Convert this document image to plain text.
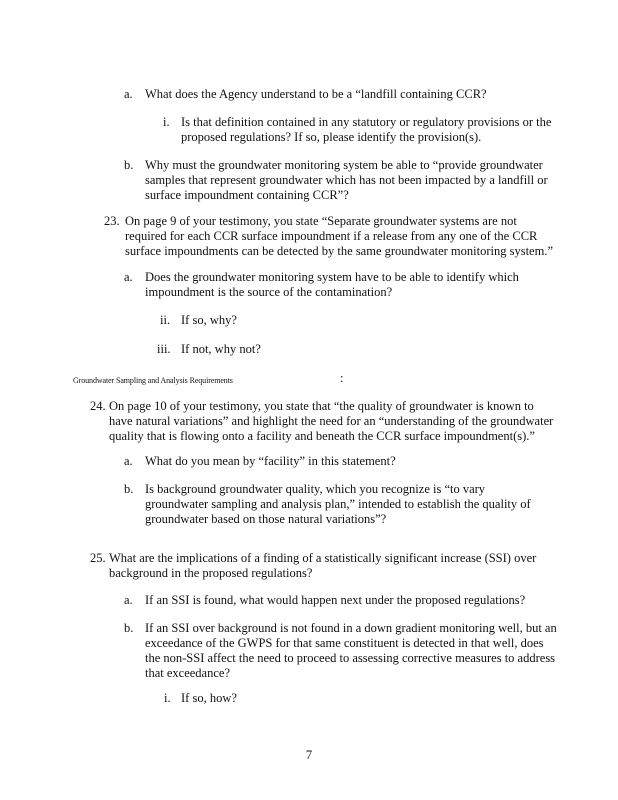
a. What does the Agency understand to be a “landfill containing CCR?
i. Is that definition contained in any statutory or regulatory provisions or the
proposed regulations? If so, please identify the provision(s).
b. Why must the groundwater monitoring system be able to “provide groundwater
samples that represent groundwater which has not been impacted by a landfill or
surface impoundment containing CCR”?
23. On page 9 of your testimony, you state “Separate groundwater systems are not
required for each CCR surface impoundment if a release from any one of the CCR
surface impoundments can be detected by the same groundwater monitoring system.”
a. Does the groundwater monitoring system have to be able to identify which
impoundment is the source of the contamination?
ii. If so, why?
iii. If not, why not?
Groundwater Sampling and Analysis Requirements	:
24. On page 10 of your testimony, you state that “the quality of groundwater is known to
have natural variations” and highlight the need for an “understanding of the groundwater
quality that is flowing onto a facility and beneath the CCR surface impoundment(s).”
a. What do you mean by “facility” in this statement?
b. Is background groundwater quality, which you recognize is “to vary
groundwater sampling and analysis plan,” intended to establish the quality of
groundwater based on those natural variations”?
25. What are the implications of a finding of a statistically significant increase (SSI) over
background in the proposed regulations?
a. If an SSI is found, what would happen next under the proposed regulations?
b. If an SSI over background is not found in a down gradient monitoring well, but an
exceedance of the GWPS for that same constituent is detected in that well, does
the non-SSI affect the need to proceed to assessing corrective measures to address
that exceedance?
i. If so, how?
7
